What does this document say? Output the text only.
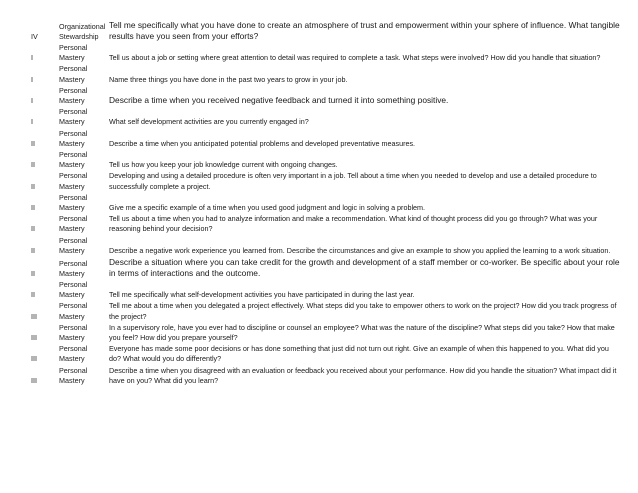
IV	Organizational Stewardship	Tell me specifically what you have done to create an atmosphere of trust and empowerment within your sphere of influence. What tangible results have you seen from your efforts?
I	Personal Mastery	Tell us about a job or setting where great attention to detail was required to complete a task. What steps were involved? How did you handle that situation?
I	Personal Mastery	Name three things you have done in the past two years to grow in your job.
I	Personal Mastery	Describe a time when you received negative feedback and turned it into something positive.
I	Personal Mastery	What self development activities are you currently engaged in?
II	Personal Mastery	Describe a time when you anticipated potential problems and developed preventative measures.
II	Personal Mastery	Tell us how you keep your job knowledge current with ongoing changes.
II	Personal Mastery	Developing and using a detailed procedure is often very important in a job. Tell about a time when you needed to develop and use a detailed procedure to successfully complete a project.
II	Personal Mastery	Give me a specific example of a time when you used good judgment and logic in solving a problem.
II	Personal Mastery	Tell us about a time when you had to analyze information and make a recommendation. What kind of thought process did you go through? What was your reasoning behind your decision?
II	Personal Mastery	Describe a negative work experience you learned from. Describe the circumstances and give an example to show you applied the learning to a work situation.
II	Personal Mastery	Describe a situation where you can take credit for the growth and development of a staff member or co-worker. Be specific about your role in terms of interactions and the outcome.
II	Personal Mastery	Tell me specifically what self-development activities you have participated in during the last year.
III	Personal Mastery	Tell me about a time when you delegated a project effectively. What steps did you take to empower others to work on the project? How did you track progress of the project?
III	Personal Mastery	In a supervisory role, have you ever had to discipline or counsel an employee? What was the nature of the discipline? What steps did you take? How that make you feel? How did you prepare yourself?
III	Personal Mastery	Everyone has made some poor decisions or has done something that just did not turn out right. Give an example of when this happened to you. What did you do? What would you do differently?
III	Personal Mastery	Describe a time when you disagreed with an evaluation or feedback you received about your performance. How did you handle the situation? What impact did it have on you? What did you learn?
